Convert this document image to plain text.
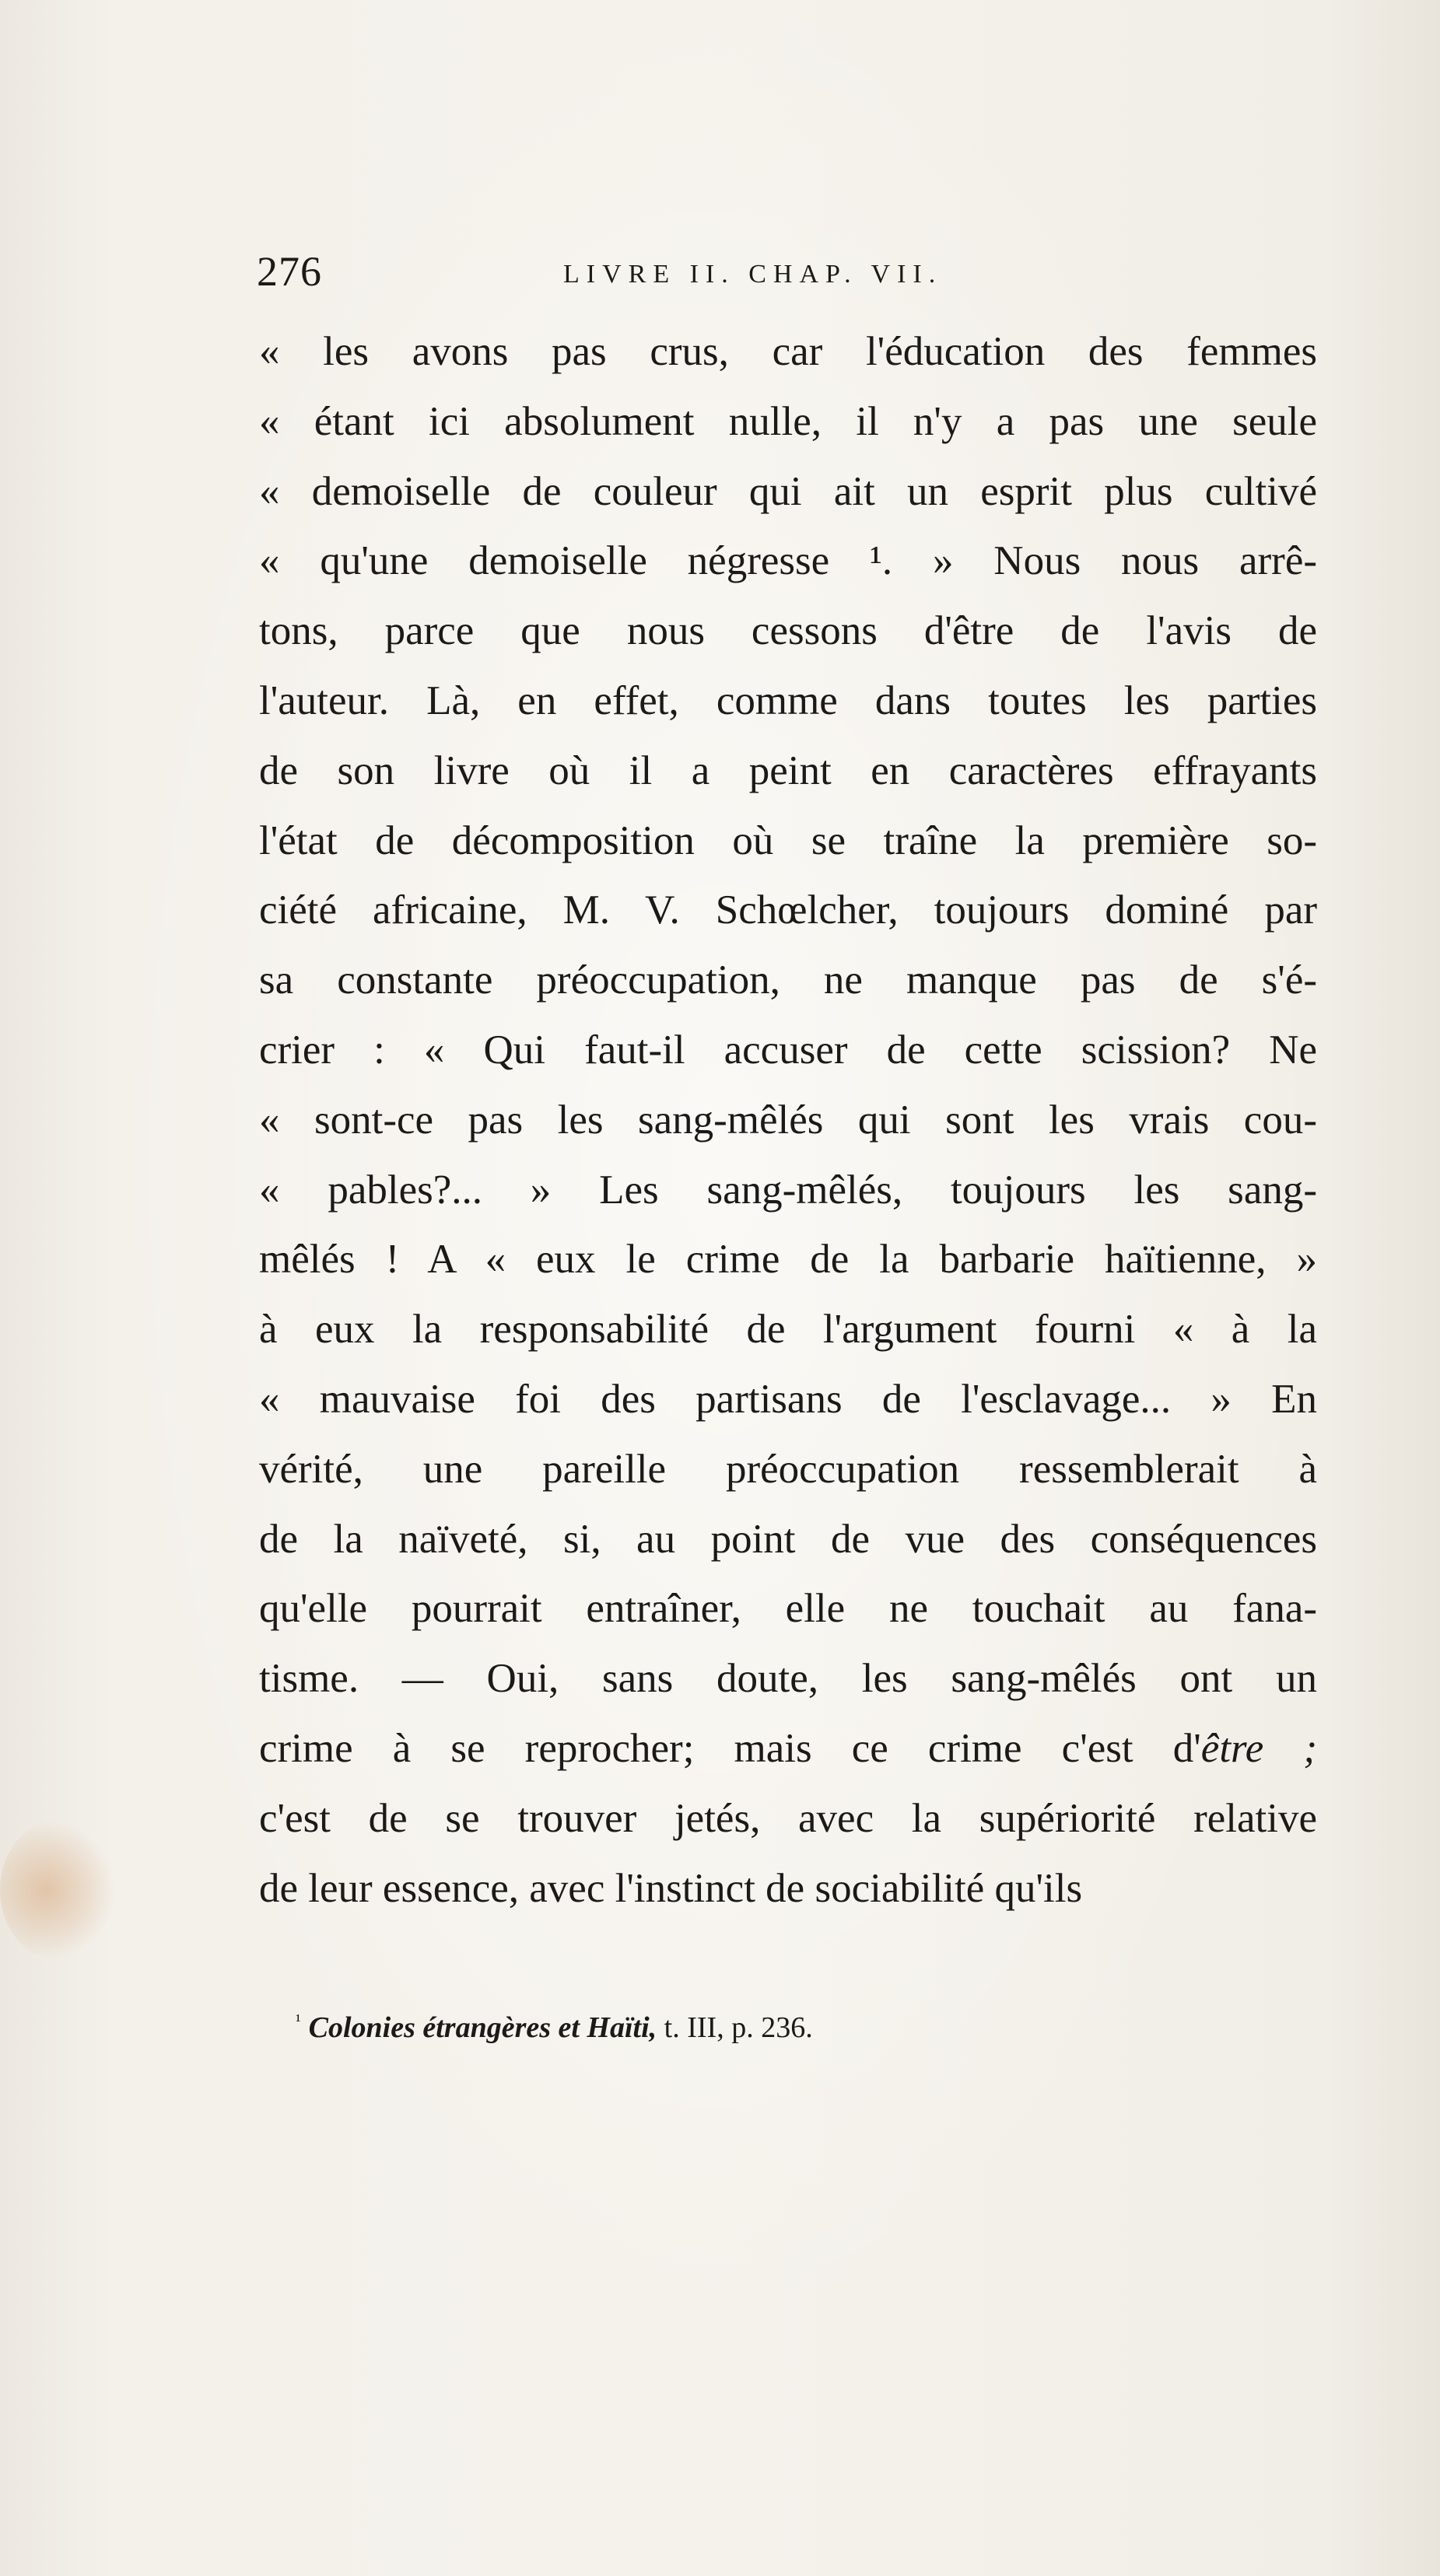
276	LIVRE II. CHAP. VII.
« les avons pas crus, car l'éducation des femmes
« étant ici absolument nulle, il n'y a pas une seule
« demoiselle de couleur qui ait un esprit plus cultivé
« qu'une demoiselle négresse ¹. » Nous nous arrê-
tons, parce que nous cessons d'être de l'avis de
l'auteur. Là, en effet, comme dans toutes les parties
de son livre où il a peint en caractères effrayants
l'état de décomposition où se traîne la première so-
ciété africaine, M. V. Schœlcher, toujours dominé par
sa constante préoccupation, ne manque pas de s'é-
crier : « Qui faut-il accuser de cette scission? Ne
« sont-ce pas les sang-mêlés qui sont les vrais cou-
« pables?... » Les sang-mêlés, toujours les sang-
mêlés ! A « eux le crime de la barbarie haïtienne, »
à eux la responsabilité de l'argument fourni « à la
« mauvaise foi des partisans de l'esclavage... » En
vérité, une pareille préoccupation ressemblerait à
de la naïveté, si, au point de vue des conséquences
qu'elle pourrait entraîner, elle ne touchait au fana-
tisme. — Oui, sans doute, les sang-mêlés ont un
crime à se reprocher; mais ce crime c'est d'être ;
c'est de se trouver jetés, avec la supériorité relative
de leur essence, avec l'instinct de sociabilité qu'ils
$^{^1}$ Colonies étrangères et Haïti, t. III, p. 236.
